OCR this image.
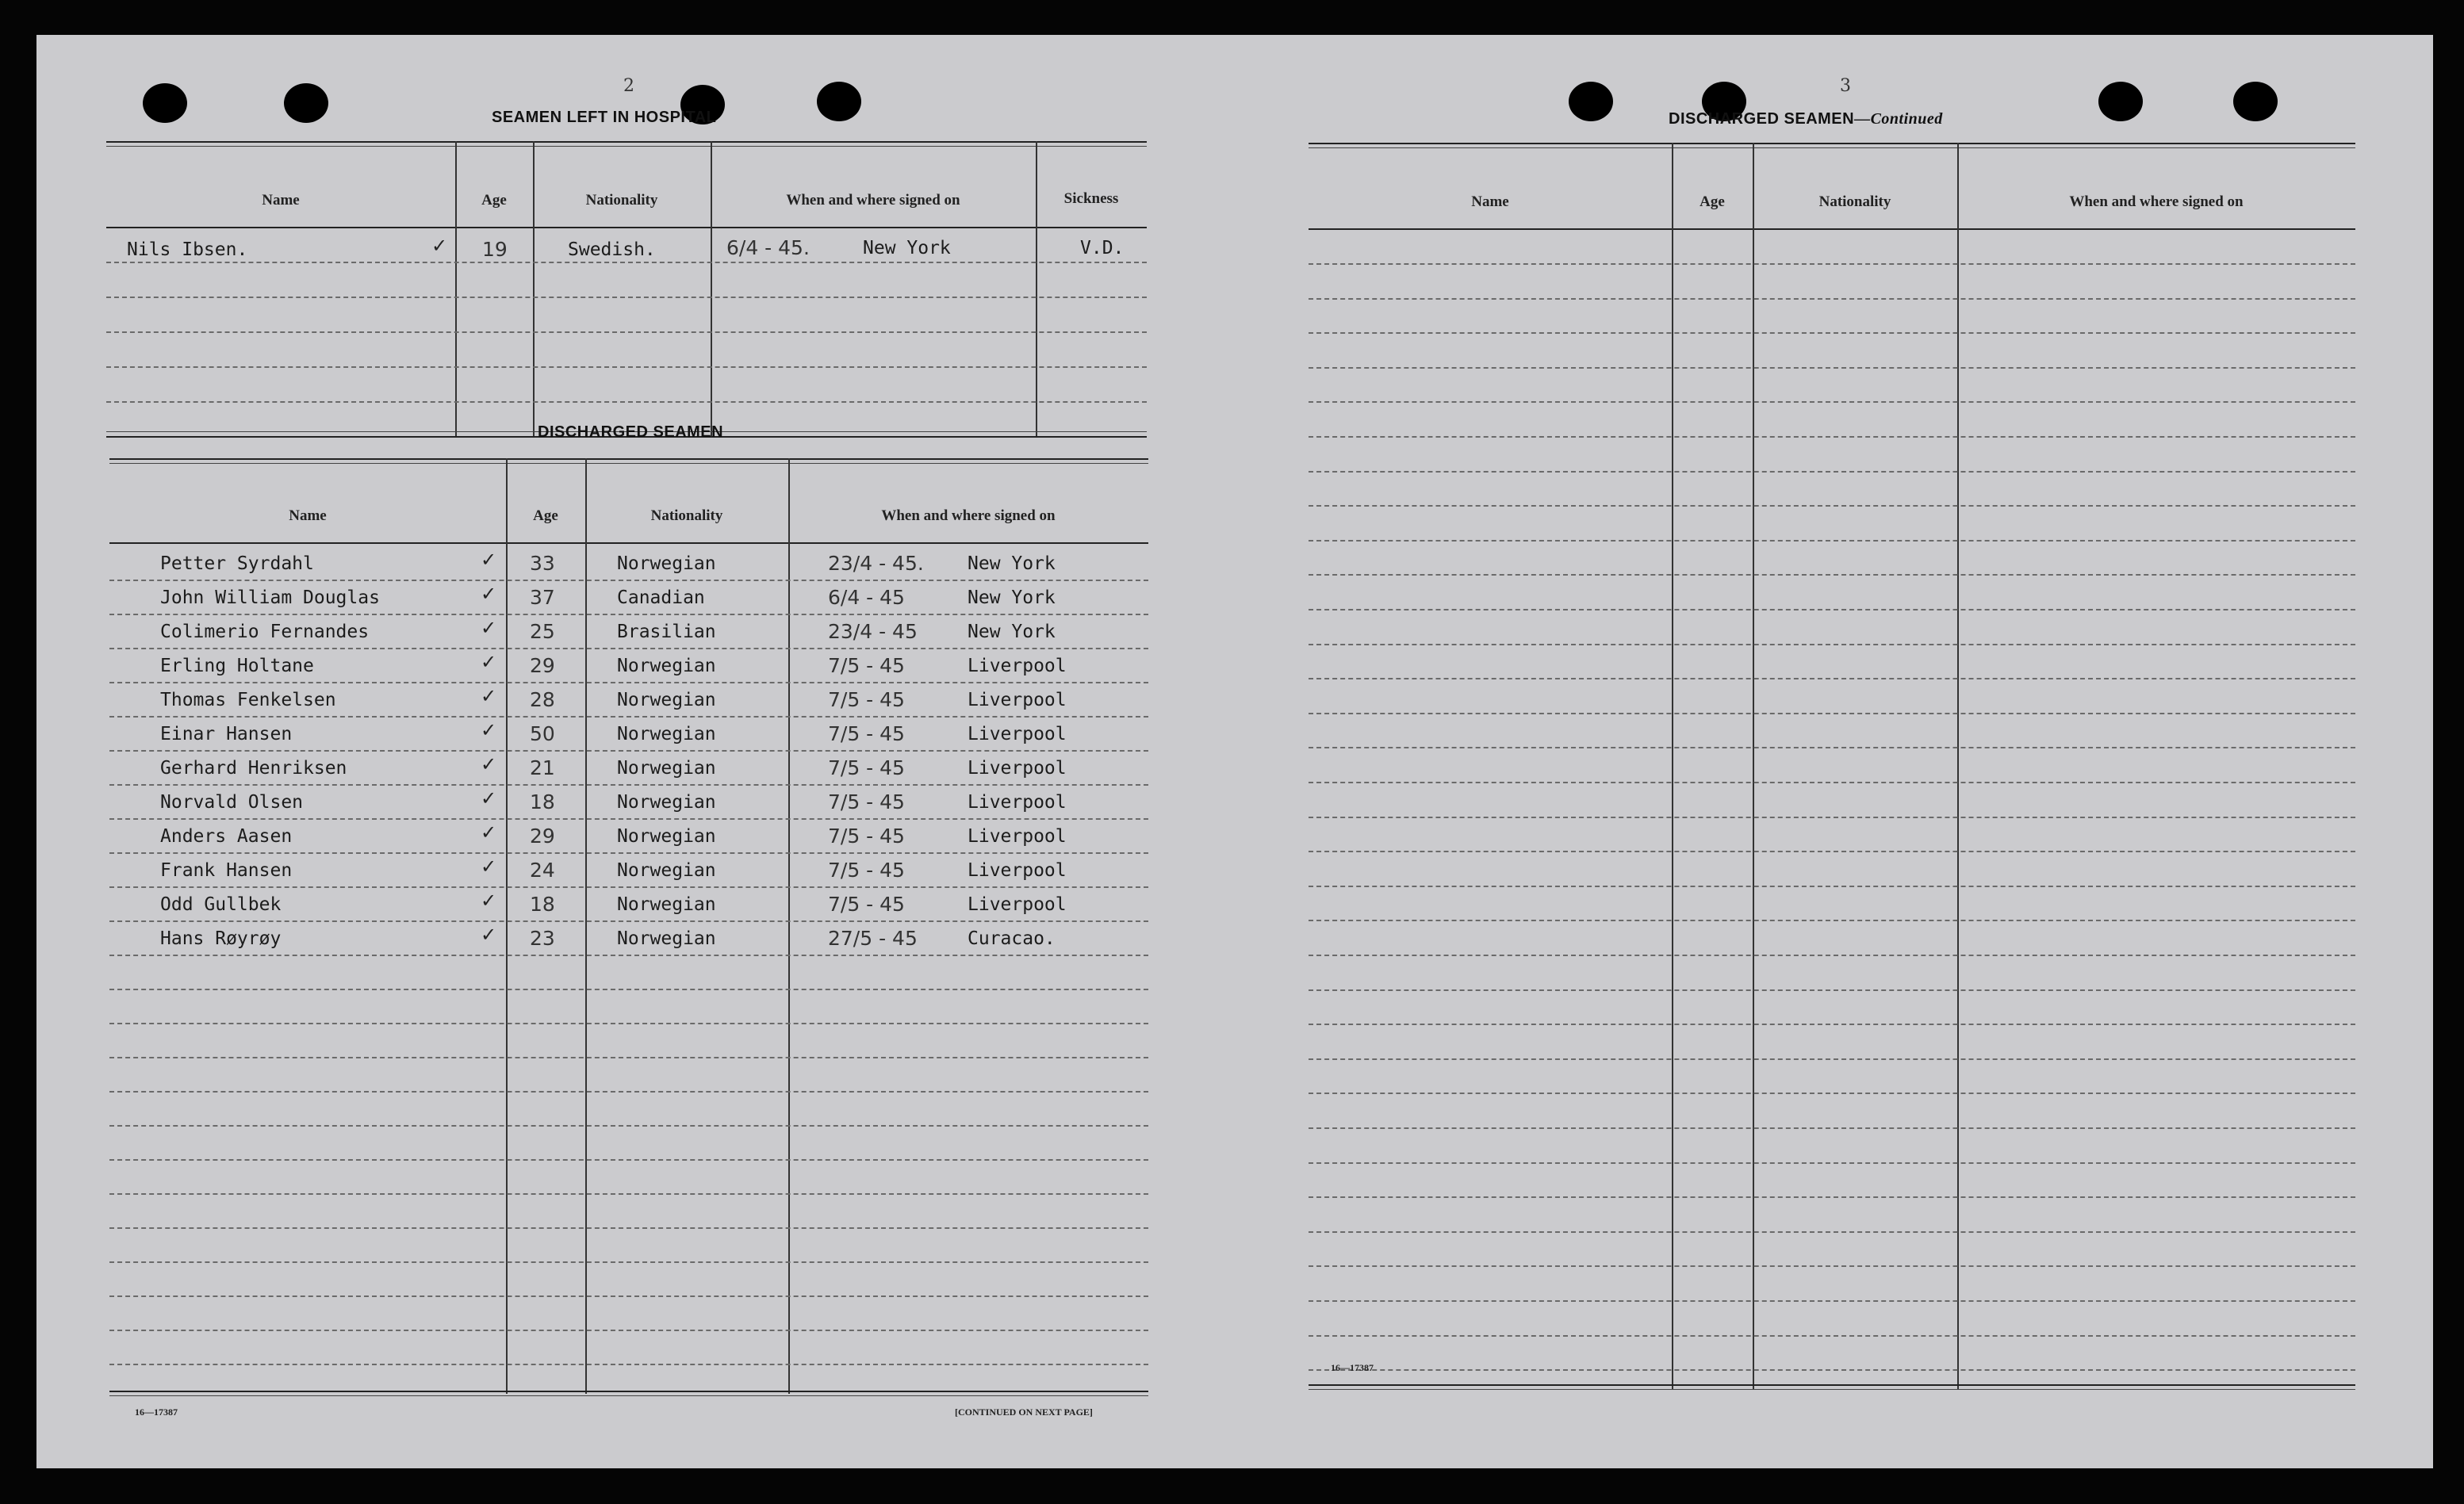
2
SEAMEN LEFT IN HOSPITAL
Name	Age	Nationality	When and where signed on	Sickness
Nils Ibsen.	✓ 19	Swedish.	6/4 - 45.	New York	V.D.
DISCHARGED SEAMEN
Name	Age	Nationality	When and where signed on
Petter Syrdahl	33	Norwegian	23/4 - 45. New York
✓
John William Douglas	37	Canadian	6/4 - 45	New York
✓
Colimerio Fernandes	25	Brasilian	23/4 - 45	New York
✓
Erling Holtane	29	Norwegian	7/5 - 45	Liverpool
✓
Thomas Fenkelsen	28	Norwegian	7/5 - 45	Liverpool
✓
Einar Hansen	50	Norwegian	7/5 - 45	Liverpool
✓
Gerhard Henriksen	21	Norwegian	7/5 - 45	Liverpool
✓
Norvald Olsen	18	Norwegian	7/5 - 45	Liverpool
✓
Anders Aasen	29	Norwegian	7/5 - 45	Liverpool
✓
Frank Hansen	24	Norwegian	7/5 - 45	Liverpool
✓
Odd Gullbek	18	Norwegian	7/5 - 45	Liverpool
✓
Hans Røyrøy	23	Norwegian	27/5 - 45	Curacao.
✓
16—17387	[CONTINUED ON NEXT PAGE]
3
DISCHARGED SEAMEN—Continued
Name	Age	Nationality	When and where signed on
16—17387
